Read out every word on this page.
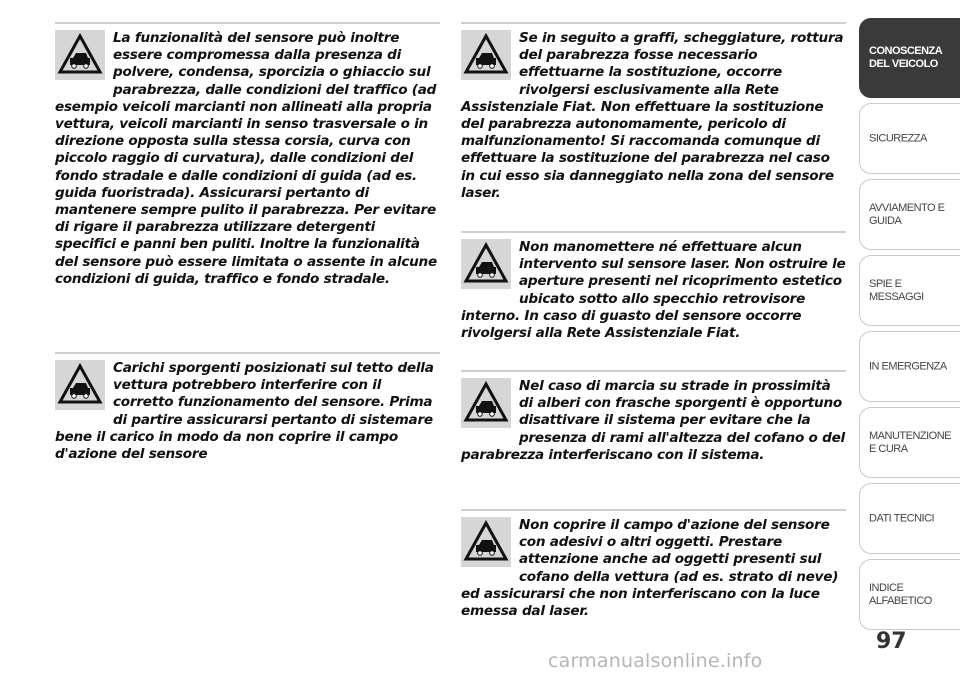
La funzionalità del sensore può inoltre essere compromessa dalla presenza di polvere, condensa, sporcizia o ghiaccio sul parabrezza, dalle condizioni del traffico (ad esempio veicoli marcianti non allineati alla propria vettura, veicoli marcianti in senso trasversale o in direzione opposta sulla stessa corsia, curva con piccolo raggio di curvatura), dalle condizioni del fondo stradale e dalle condizioni di guida (ad es. guida fuoristrada). Assicurarsi pertanto di mantenere sempre pulito il parabrezza. Per evitare di rigare il parabrezza utilizzare detergenti specifici e panni ben puliti. Inoltre la funzionalità del sensore può essere limitata o assente in alcune condizioni di guida, traffico e fondo stradale.

Carichi sporgenti posizionati sul tetto della vettura potrebbero interferire con il corretto funzionamento del sensore. Prima di partire assicurarsi pertanto di sistemare bene il carico in modo da non coprire il campo d'azione del sensore

Se in seguito a graffi, scheggiature, rottura del parabrezza fosse necessario effettuarne la sostituzione, occorre rivolgersi esclusivamente alla Rete Assistenziale Fiat. Non effettuare la sostituzione del parabrezza autonomamente, pericolo di malfunzionamento! Si raccomanda comunque di effettuare la sostituzione del parabrezza nel caso in cui esso sia danneggiato nella zona del sensore laser.

Non manomettere né effettuare alcun intervento sul sensore laser. Non ostruire le aperture presenti nel ricoprimento estetico ubicato sotto allo specchio retrovisore interno. In caso di guasto del sensore occorre rivolgersi alla Rete Assistenziale Fiat.

Nel caso di marcia su strade in prossimità di alberi con frasche sporgenti è opportuno disattivare il sistema per evitare che la presenza di rami all'altezza del cofano o del parabrezza interferiscano con il sistema.

Non coprire il campo d'azione del sensore con adesivi o altri oggetti. Prestare attenzione anche ad oggetti presenti sul cofano della vettura (ad es. strato di neve) ed assicurarsi che non interferiscano con la luce emessa dal laser.

CONOSCENZA DEL VEICOLO
SICUREZZA
AVVIAMENTO E GUIDA
SPIE E MESSAGGI
IN EMERGENZA
MANUTENZIONE E CURA
DATI TECNICI
INDICE ALFABETICO
97
carmanualsonline.info
